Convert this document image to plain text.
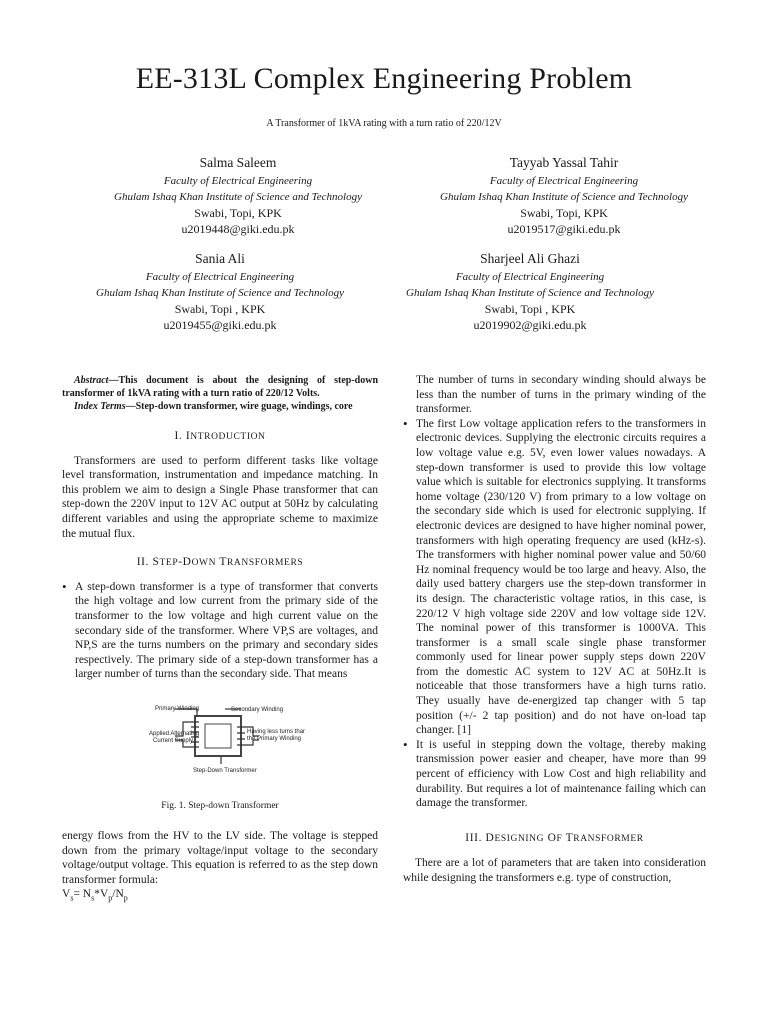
EE-313L Complex Engineering Problem
A Transformer of 1kVA rating with a turn ratio of 220/12V
Salma Saleem
Faculty of Electrical Engineering
Ghulam Ishaq Khan Institute of Science and Technology
Swabi, Topi, KPK
u2019448@giki.edu.pk
Tayyab Yassal Tahir
Faculty of Electrical Engineering
Ghulam Ishaq Khan Institute of Science and Technology
Swabi, Topi, KPK
u2019517@giki.edu.pk
Sania Ali
Faculty of Electrical Engineering
Ghulam Ishaq Khan Institute of Science and Technology
Swabi, Topi , KPK
u2019455@giki.edu.pk
Sharjeel Ali Ghazi
Faculty of Electrical Engineering
Ghulam Ishaq Khan Institute of Science and Technology
Swabi, Topi , KPK
u2019902@giki.edu.pk

Abstract—This document is about the designing of step-down transformer of 1kVA rating with a turn ratio of 220/12 Volts.

Index Terms—Step-down transformer, wire guage, windings, core

I. INTRODUCTION

Transformers are used to perform different tasks like voltage level transformation, instrumentation and impedance matching. In this problem we aim to design a Single Phase transformer that can step-down the 220V input to 12V AC output at 50Hz by calculating different variables and using the appropriate scheme to maximize the mutual flux.

II. STEP-DOWN TRANSFORMERS
• A step-down transformer is a type of transformer that converts the high voltage and low current from the primary side of the transformer to the low voltage and high current value on the secondary side of the transformer. Where VP,S are voltages, and NP,S are the turns numbers on the primary and secondary sides respectively. The primary side of a step-down transformer has a larger number of turns than the secondary side. That means
Primary Winding	Secondary Winding
Applied Alternating
Current Supply
Having less turns than
the Primary Winding
Step-Down Transformer
Fig. 1. Step-down Transformer

energy flows from the HV to the LV side. The voltage is stepped down from the primary voltage/input voltage to the secondary voltage/output voltage. This equation is referred to as the step down transformer formula:

$V_s= N_s*V_p/N_p$

The number of turns in secondary winding should always be less than the number of turns in the primary winding of the transformer.

• The first Low voltage application refers to the transformers in electronic devices. Supplying the electronic circuits requires a low voltage value e.g. 5V, even lower values nowadays. A step-down transformer is used to provide this low voltage value which is suitable for electronics supplying. It transforms home voltage (230/120 V) from primary to a low voltage on the secondary side which is used for electronic supplying. If electronic devices are designed to have higher nominal power, transformers with high operating frequency are used (kHz-s). The transformers with higher nominal power value and 50/60 Hz nominal frequency would be too large and heavy. Also, the daily used battery chargers use the step-down transformer in its design. The characteristic voltage ratios, in this case, is 220/12 V high voltage side 220V and low voltage side 12V. The nominal power of this transformer is 1000VA. This transformer is a small scale single phase transformer commonly used for linear power supply steps down 220V from the domestic AC system to 12V AC at 50Hz.It is noticeable that those transformers have a high turns ratio. They usually have de-energized tap changer with 5 tap position (+/- 2 tap position) and do not have on-load tap changer. [1]
• It is useful in stepping down the voltage, thereby making transmission power easier and cheaper, have more than 99 percent of efficiency with Low Cost and high reliability and durability. But requires a lot of maintenance failing which can damage the transformer.
III. DESIGNING OF TRANSFORMER

There are a lot of parameters that are taken into consideration while designing the transformers e.g. type of construction,
